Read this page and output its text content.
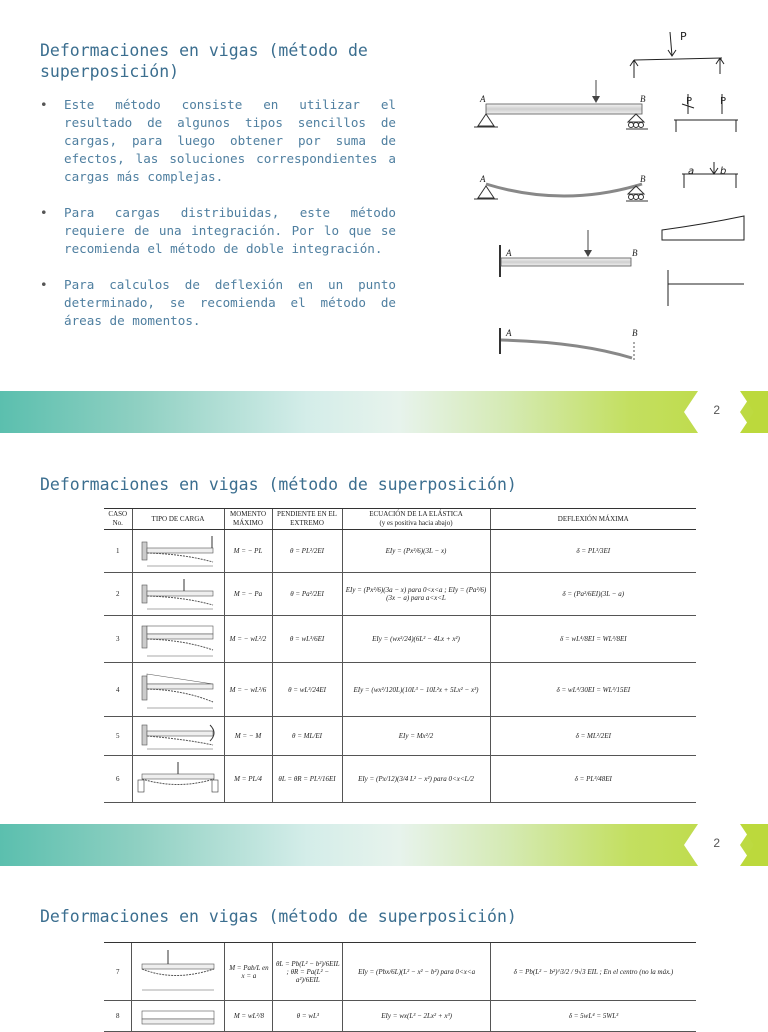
Deformaciones en vigas (método de
superposición)
• Este método consiste en utilizar el resultado de algunos tipos sencillos de cargas, para luego obtener por suma de efectos, las soluciones correspondientes a cargas más complejas.
• Para cargas distribuidas, este método requiere de una integración. Por lo que se recomienda el método de doble integración.
• Para calculos de deflexión en un punto determinado, se recomienda el método de áreas de momentos.
A	B
A	B
A	B
A	B
P
P	P
a	b
2
Deformaciones en vigas (método de superposición)
CASO No.	TIPO DE CARGA	MOMENTO MÁXIMO	PENDIENTE EN EL EXTREMO	ECUACIÓN DE LA ELÁSTICA
(y es positiva hacia abajo)	DEFLEXIÓN MÁXIMA
1		M = − PL	θ = PL²/2EI	EIy = (Px²/6)(3L − x)	δ = PL³/3EI
2		M = − Pa	θ = Pa²/2EI	EIy = (Px²/6)(3a − x) para 0<x<a ; EIy = (Pa²/6)(3x − a) para a<x<L	δ = (Pa²/6EI)(3L − a)
3		M = − wL²/2	θ = wL³/6EI	EIy = (wx²/24)(6L² − 4Lx + x²)	δ = wL⁴/8EI = WL³/8EI
4		M = − wL²/6	θ = wL³/24EI	EIy = (wx²/120L)(10L³ − 10L²x + 5Lx² − x³)	δ = wL⁴/30EI = WL³/15EI
5		M = − M	θ = ML/EI	EIy = Mx²/2	δ = ML²/2EI
6		M = PL/4	θL = θR = PL²/16EI	EIy = (Px/12)(3/4 L² − x²) para 0<x<L/2	δ = PL³/48EI
2
Deformaciones en vigas (método de superposición)
7		M = Pab/L en x = a	θL = Pb(L² − b²)/6EIL ; θR = Pa(L² − a²)/6EIL	EIy = (Pbx/6L)(L² − x² − b²) para 0<x<a	δ = Pb(L² − b²)^3/2 / 9√3 EIL ; En el centro (no la máx.)
8		M = wL²/8	θ = wL³	EIy = wx(L³ − 2Lx² + x³)	δ = 5wL⁴ = 5WL³
